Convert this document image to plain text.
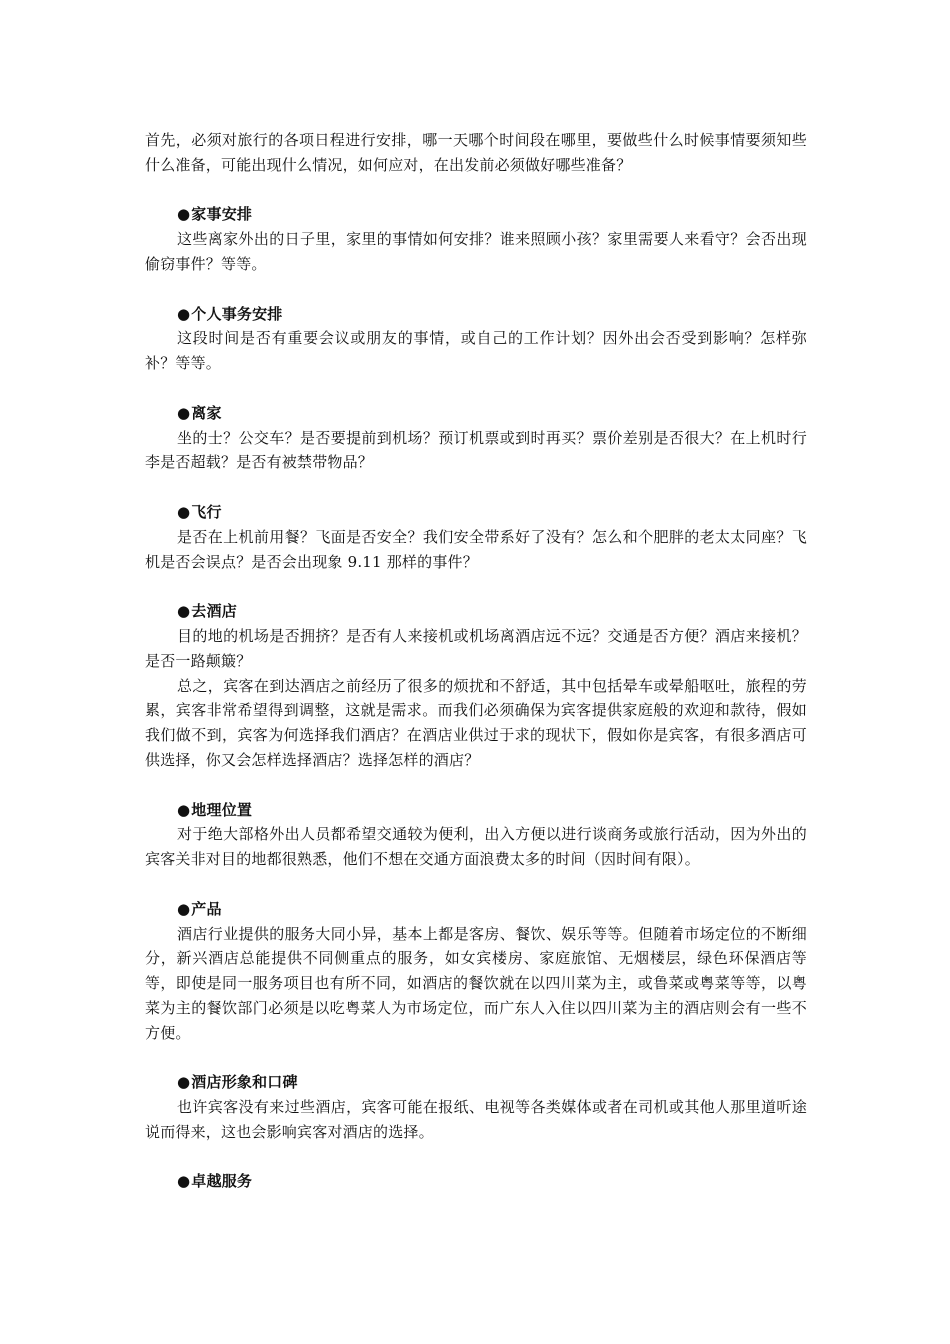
首先，必须对旅行的各项日程进行安排，哪一天哪个时间段在哪里，要做些什么时候事情要须知些什么准备，可能出现什么情况，如何应对，在出发前必须做好哪些准备？

●家事安排

这些离家外出的日子里，家里的事情如何安排？谁来照顾小孩？家里需要人来看守？会否出现偷窃事件？等等。

●个人事务安排

这段时间是否有重要会议或朋友的事情，或自己的工作计划？因外出会否受到影响？怎样弥补？等等。

●离家

坐的士？公交车？是否要提前到机场？预订机票或到时再买？票价差别是否很大？在上机时行李是否超载？是否有被禁带物品？

●飞行

是否在上机前用餐？飞面是否安全？我们安全带系好了没有？怎么和个肥胖的老太太同座？飞机是否会误点？是否会出现象 9.11 那样的事件？

●去酒店

目的地的机场是否拥挤？是否有人来接机或机场离酒店远不远？交通是否方便？酒店来接机？是否一路颠簸？

总之，宾客在到达酒店之前经历了很多的烦扰和不舒适，其中包括晕车或晕船呕吐，旅程的劳累，宾客非常希望得到调整，这就是需求。而我们必须确保为宾客提供家庭般的欢迎和款待，假如我们做不到，宾客为何选择我们酒店？在酒店业供过于求的现状下，假如你是宾客，有很多酒店可供选择，你又会怎样选择酒店？选择怎样的酒店？

●地理位置

对于绝大部格外出人员都希望交通较为便利，出入方便以进行谈商务或旅行活动，因为外出的宾客关非对目的地都很熟悉，他们不想在交通方面浪费太多的时间（因时间有限）。

●产品

酒店行业提供的服务大同小异，基本上都是客房、餐饮、娱乐等等。但随着市场定位的不断细分，新兴酒店总能提供不同侧重点的服务，如女宾楼房、家庭旅馆、无烟楼层，绿色环保酒店等等，即使是同一服务项目也有所不同，如酒店的餐饮就在以四川菜为主，或鲁菜或粤菜等等，以粤菜为主的餐饮部门必须是以吃粤菜人为市场定位，而广东人入住以四川菜为主的酒店则会有一些不方便。

●酒店形象和口碑

也许宾客没有来过些酒店，宾客可能在报纸、电视等各类媒体或者在司机或其他人那里道听途说而得来，这也会影响宾客对酒店的选择。

●卓越服务
